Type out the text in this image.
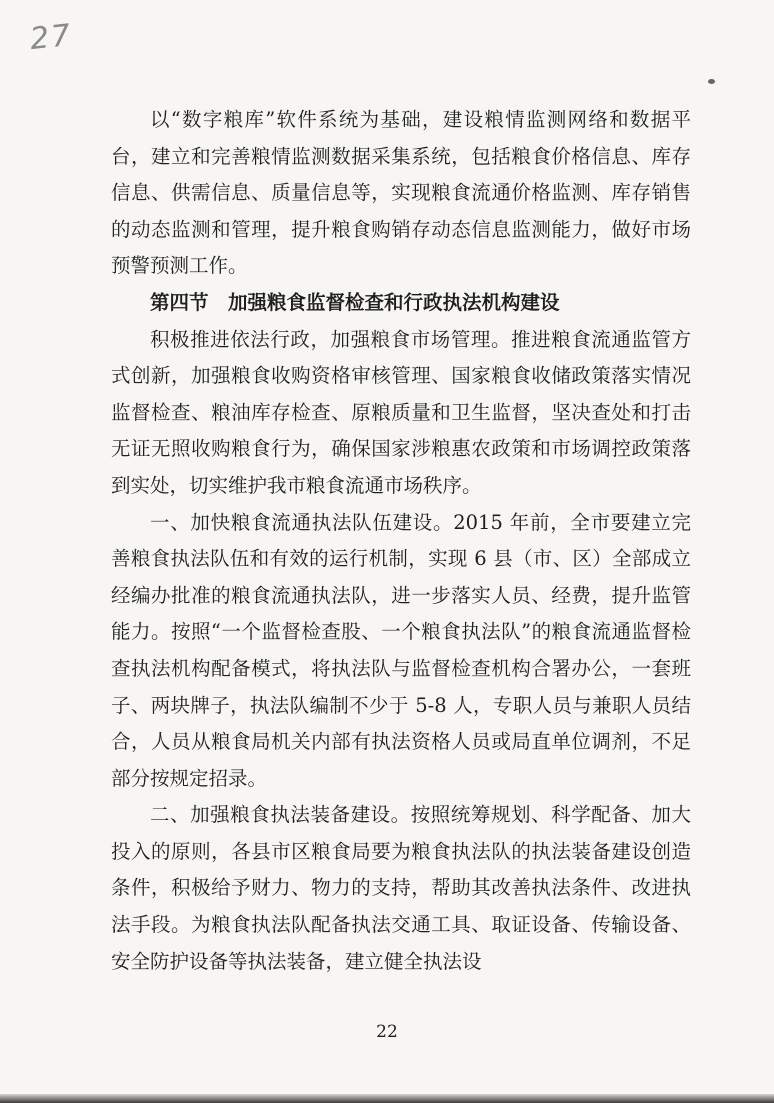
27

以“数字粮库”软件系统为基础，建设粮情监测网络和数据平台，建立和完善粮情监测数据采集系统，包括粮食价格信息、库存信息、供需信息、质量信息等，实现粮食流通价格监测、库存销售的动态监测和管理，提升粮食购销存动态信息监测能力，做好市场预警预测工作。

第四节　加强粮食监督检查和行政执法机构建设

积极推进依法行政，加强粮食市场管理。推进粮食流通监管方式创新，加强粮食收购资格审核管理、国家粮食收储政策落实情况监督检查、粮油库存检查、原粮质量和卫生监督，坚决查处和打击无证无照收购粮食行为，确保国家涉粮惠农政策和市场调控政策落到实处，切实维护我市粮食流通市场秩序。

一、加快粮食流通执法队伍建设。2015 年前，全市要建立完善粮食执法队伍和有效的运行机制，实现 6 县（市、区）全部成立经编办批准的粮食流通执法队，进一步落实人员、经费，提升监管能力。按照“一个监督检查股、一个粮食执法队”的粮食流通监督检查执法机构配备模式，将执法队与监督检查机构合署办公，一套班子、两块牌子，执法队编制不少于 5-8 人，专职人员与兼职人员结合，人员从粮食局机关内部有执法资格人员或局直单位调剂，不足部分按规定招录。

二、加强粮食执法装备建设。按照统筹规划、科学配备、加大投入的原则，各县市区粮食局要为粮食执法队的执法装备建设创造条件，积极给予财力、物力的支持，帮助其改善执法条件、改进执法手段。为粮食执法队配备执法交通工具、取证设备、传输设备、安全防护设备等执法装备，建立健全执法设

22
